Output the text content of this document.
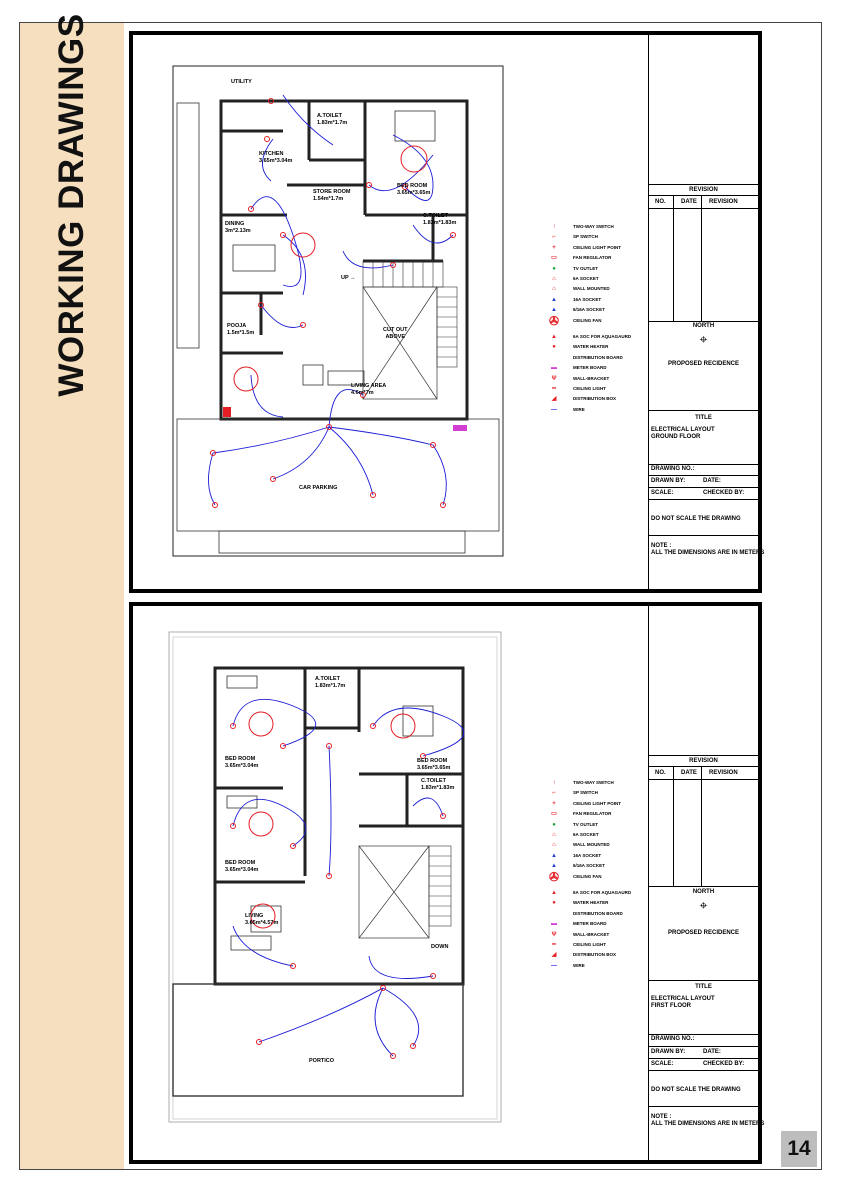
WORKING DRAWINGS	UTILITY
A.TOILET
1.83m*1.7m
KITCHEN
3.65m*3.04m
STORE ROOM
1.54m*1.7m
BED ROOM
3.65m*3.65m
C.TOILET
1.83m*1.83m
DINING
3m*2.13m
UP →
POOJA
1.5m*1.5m	CUT OUT
ABOVE
LIVING AREA
4.6m*7m
CAR PARKING
↑	TWO-WAY SWITCH
⌐	SP SWITCH
+	CEILING LIGHT POINT
▭	FAN REGULATOR
●	TV OUTLET
⌂	6A SOCKET
⌂	WALL MOUNTED
▲	16A SOCKET
▲	6/16A SOCKET
✇	CEILING FAN
▲	6A SOC FOR AQUAGAURD
●	WATER HEATER
DISTRIBUTION BOARD
▬	METER BOARD
Ψ	WALL-BRACKET
━	CEILING LIGHT
◢	DISTRIBUTION BOX
—	WIRE
REVISION
NO.	DATE	REVISION
NORTH
⌖
PROPOSED RECIDENCE
TITLE
ELECTRICAL LAYOUT
GROUND FLOOR
DRAWING NO.:
DRAWN BY:	DATE:
SCALE:	CHECKED BY:
DO NOT SCALE THE DRAWING
NOTE :
ALL THE DIMENSIONS ARE IN METERS
A.TOILET
1.83m*1.7m
BED ROOM
3.65m*3.04m
BED ROOM
3.65m*3.65m
C.TOILET
1.83m*1.83m
BED ROOM
3.65m*3.04m
LIVING
3.65m*4.57m
DOWN
PORTICO
↑	TWO-WAY SWITCH
⌐	SP SWITCH
+	CEILING LIGHT POINT
▭	FAN REGULATOR
●	TV OUTLET
⌂	6A SOCKET
⌂	WALL MOUNTED
▲	16A SOCKET
▲	6/16A SOCKET
✇	CEILING FAN
▲	6A SOC FOR AQUAGAURD
●	WATER HEATER
DISTRIBUTION BOARD
▬	METER BOARD
Ψ	WALL-BRACKET
━	CEILING LIGHT
◢	DISTRIBUTION BOX
—	WIRE
REVISION
NO.	DATE	REVISION
NORTH
⌖
PROPOSED RECIDENCE
TITLE
ELECTRICAL LAYOUT
FIRST FLOOR
DRAWING NO.:
DRAWN BY:	DATE:
SCALE:	CHECKED BY:
DO NOT SCALE THE DRAWING
NOTE :
ALL THE DIMENSIONS ARE IN METERS
14
